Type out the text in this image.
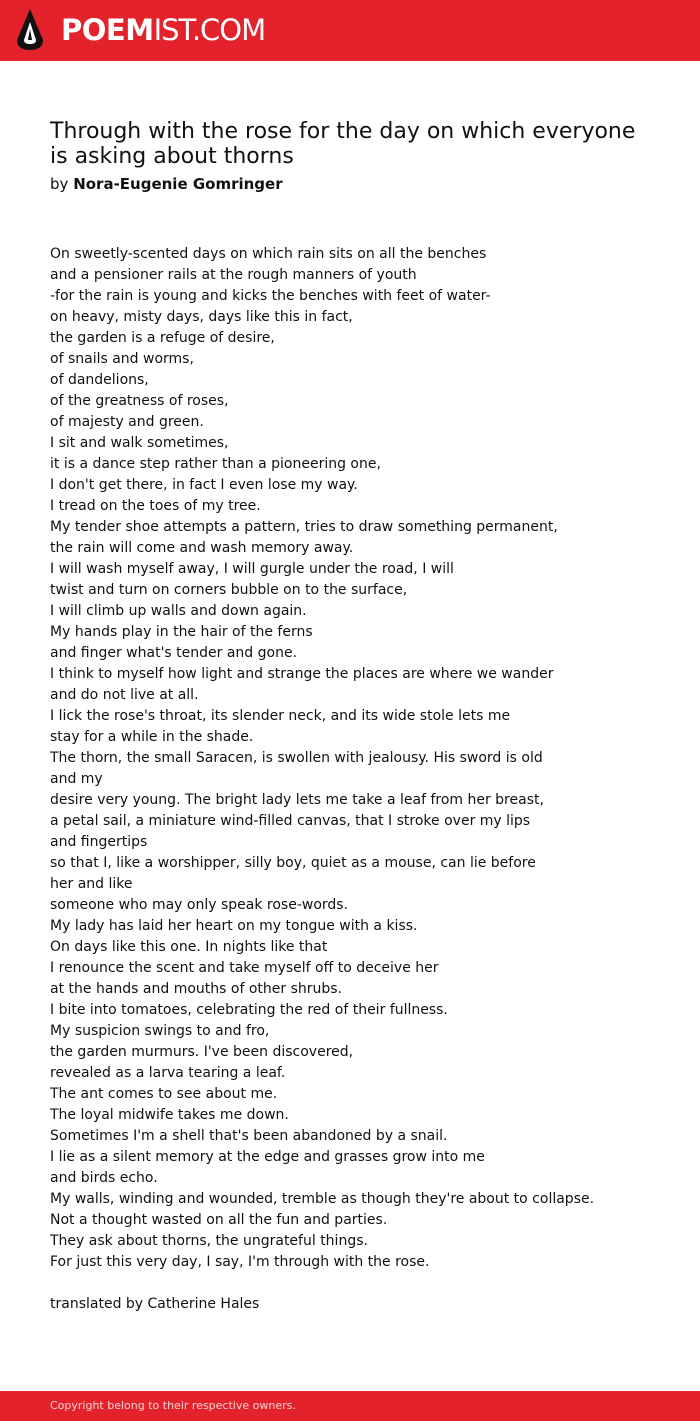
POEMIST.COM
Through with the rose for the day on which everyone is asking about thorns
by Nora-Eugenie Gomringer
On sweetly-scented days on which rain sits on all the benches
and a pensioner rails at the rough manners of youth
-for the rain is young and kicks the benches with feet of water-
on heavy, misty days, days like this in fact,
the garden is a refuge of desire,
of snails and worms,
of dandelions,
of the greatness of roses,
of majesty and green.
I sit and walk sometimes,
it is a dance step rather than a pioneering one,
I don't get there, in fact I even lose my way.
I tread on the toes of my tree.
My tender shoe attempts a pattern, tries to draw something permanent,
the rain will come and wash memory away.
I will wash myself away, I will gurgle under the road, I will
twist and turn on corners bubble on to the surface,
I will climb up walls and down again.
My hands play in the hair of the ferns
and finger what's tender and gone.
I think to myself how light and strange the places are where we wander
and do not live at all.
I lick the rose's throat, its slender neck, and its wide stole lets me
stay for a while in the shade.
The thorn, the small Saracen, is swollen with jealousy. His sword is old
and my
desire very young. The bright lady lets me take a leaf from her breast,
a petal sail, a miniature wind-filled canvas, that I stroke over my lips
and fingertips
so that I, like a worshipper, silly boy, quiet as a mouse, can lie before
her and like
someone who may only speak rose-words.
My lady has laid her heart on my tongue with a kiss.
On days like this one. In nights like that
I renounce the scent and take myself off to deceive her
at the hands and mouths of other shrubs.
I bite into tomatoes, celebrating the red of their fullness.
My suspicion swings to and fro,
the garden murmurs. I've been discovered,
revealed as a larva tearing a leaf.
The ant comes to see about me.
The loyal midwife takes me down.
Sometimes I'm a shell that's been abandoned by a snail.
I lie as a silent memory at the edge and grasses grow into me
and birds echo.
My walls, winding and wounded, tremble as though they're about to collapse.
Not a thought wasted on all the fun and parties.
They ask about thorns, the ungrateful things.
For just this very day, I say, I'm through with the rose.
translated by Catherine Hales
Copyright belong to their respective owners.
